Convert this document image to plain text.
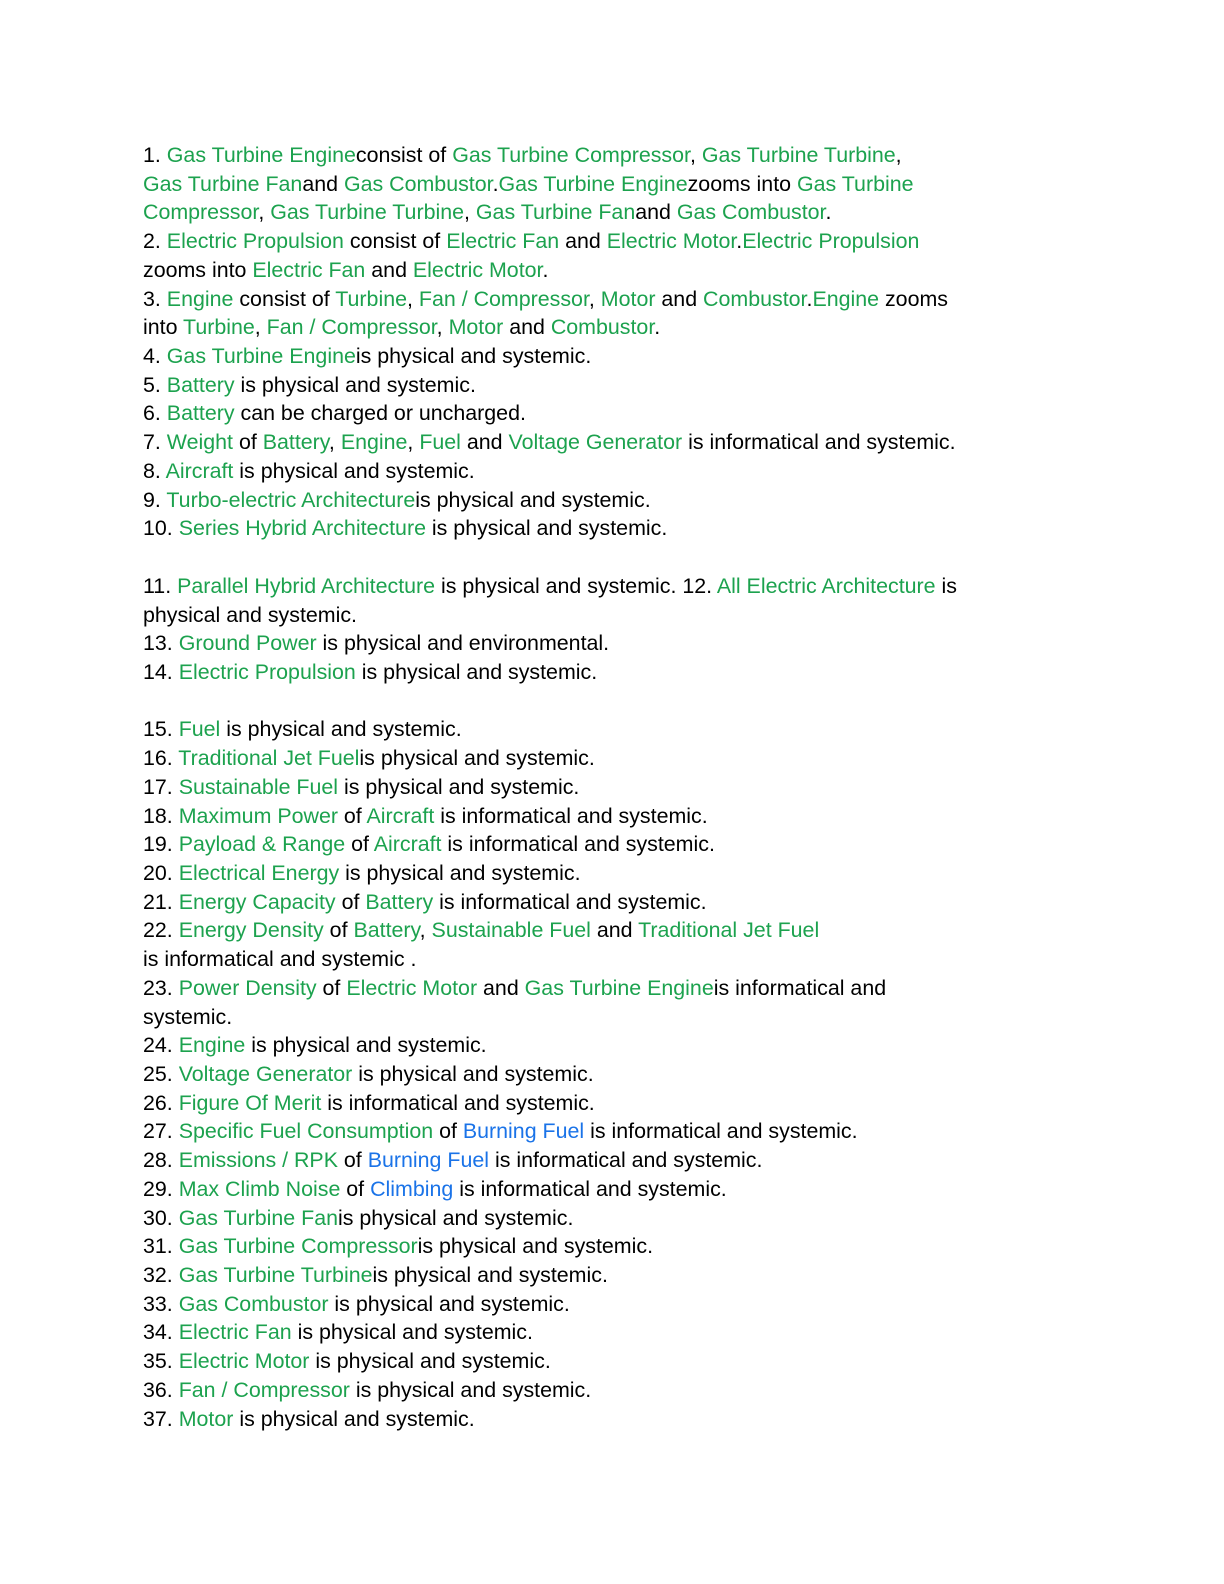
1. Gas Turbine Engineconsist of Gas Turbine Compressor, Gas Turbine Turbine,
Gas Turbine Fanand Gas Combustor.Gas Turbine Enginezooms into Gas Turbine
Compressor, Gas Turbine Turbine, Gas Turbine Fanand Gas Combustor.
2. Electric Propulsion consist of Electric Fan and Electric Motor.Electric Propulsion
zooms into Electric Fan and Electric Motor.
3. Engine consist of Turbine, Fan / Compressor, Motor and Combustor.Engine zooms
into Turbine, Fan / Compressor, Motor and Combustor.
4. Gas Turbine Engineis physical and systemic.
5. Battery is physical and systemic.
6. Battery can be charged or uncharged.
7. Weight of Battery, Engine, Fuel and Voltage Generator is informatical and systemic.
8. Aircraft is physical and systemic.
9. Turbo-electric Architectureis physical and systemic.
10. Series Hybrid Architecture is physical and systemic.
11. Parallel Hybrid Architecture is physical and systemic. 12. All Electric Architecture is
physical and systemic.
13. Ground Power is physical and environmental.
14. Electric Propulsion is physical and systemic.
15. Fuel is physical and systemic.
16. Traditional Jet Fuelis physical and systemic.
17. Sustainable Fuel is physical and systemic.
18. Maximum Power of Aircraft is informatical and systemic.
19. Payload & Range of Aircraft is informatical and systemic.
20. Electrical Energy is physical and systemic.
21. Energy Capacity of Battery is informatical and systemic.
22. Energy Density of Battery, Sustainable Fuel and Traditional Jet Fuel
is informatical and systemic .
23. Power Density of Electric Motor and Gas Turbine Engineis informatical and
systemic.
24. Engine is physical and systemic.
25. Voltage Generator is physical and systemic.
26. Figure Of Merit is informatical and systemic.
27. Specific Fuel Consumption of Burning Fuel is informatical and systemic.
28. Emissions / RPK of Burning Fuel is informatical and systemic.
29. Max Climb Noise of Climbing is informatical and systemic.
30. Gas Turbine Fanis physical and systemic.
31. Gas Turbine Compressoris physical and systemic.
32. Gas Turbine Turbineis physical and systemic.
33. Gas Combustor is physical and systemic.
34. Electric Fan is physical and systemic.
35. Electric Motor is physical and systemic.
36. Fan / Compressor is physical and systemic.
37. Motor is physical and systemic.
